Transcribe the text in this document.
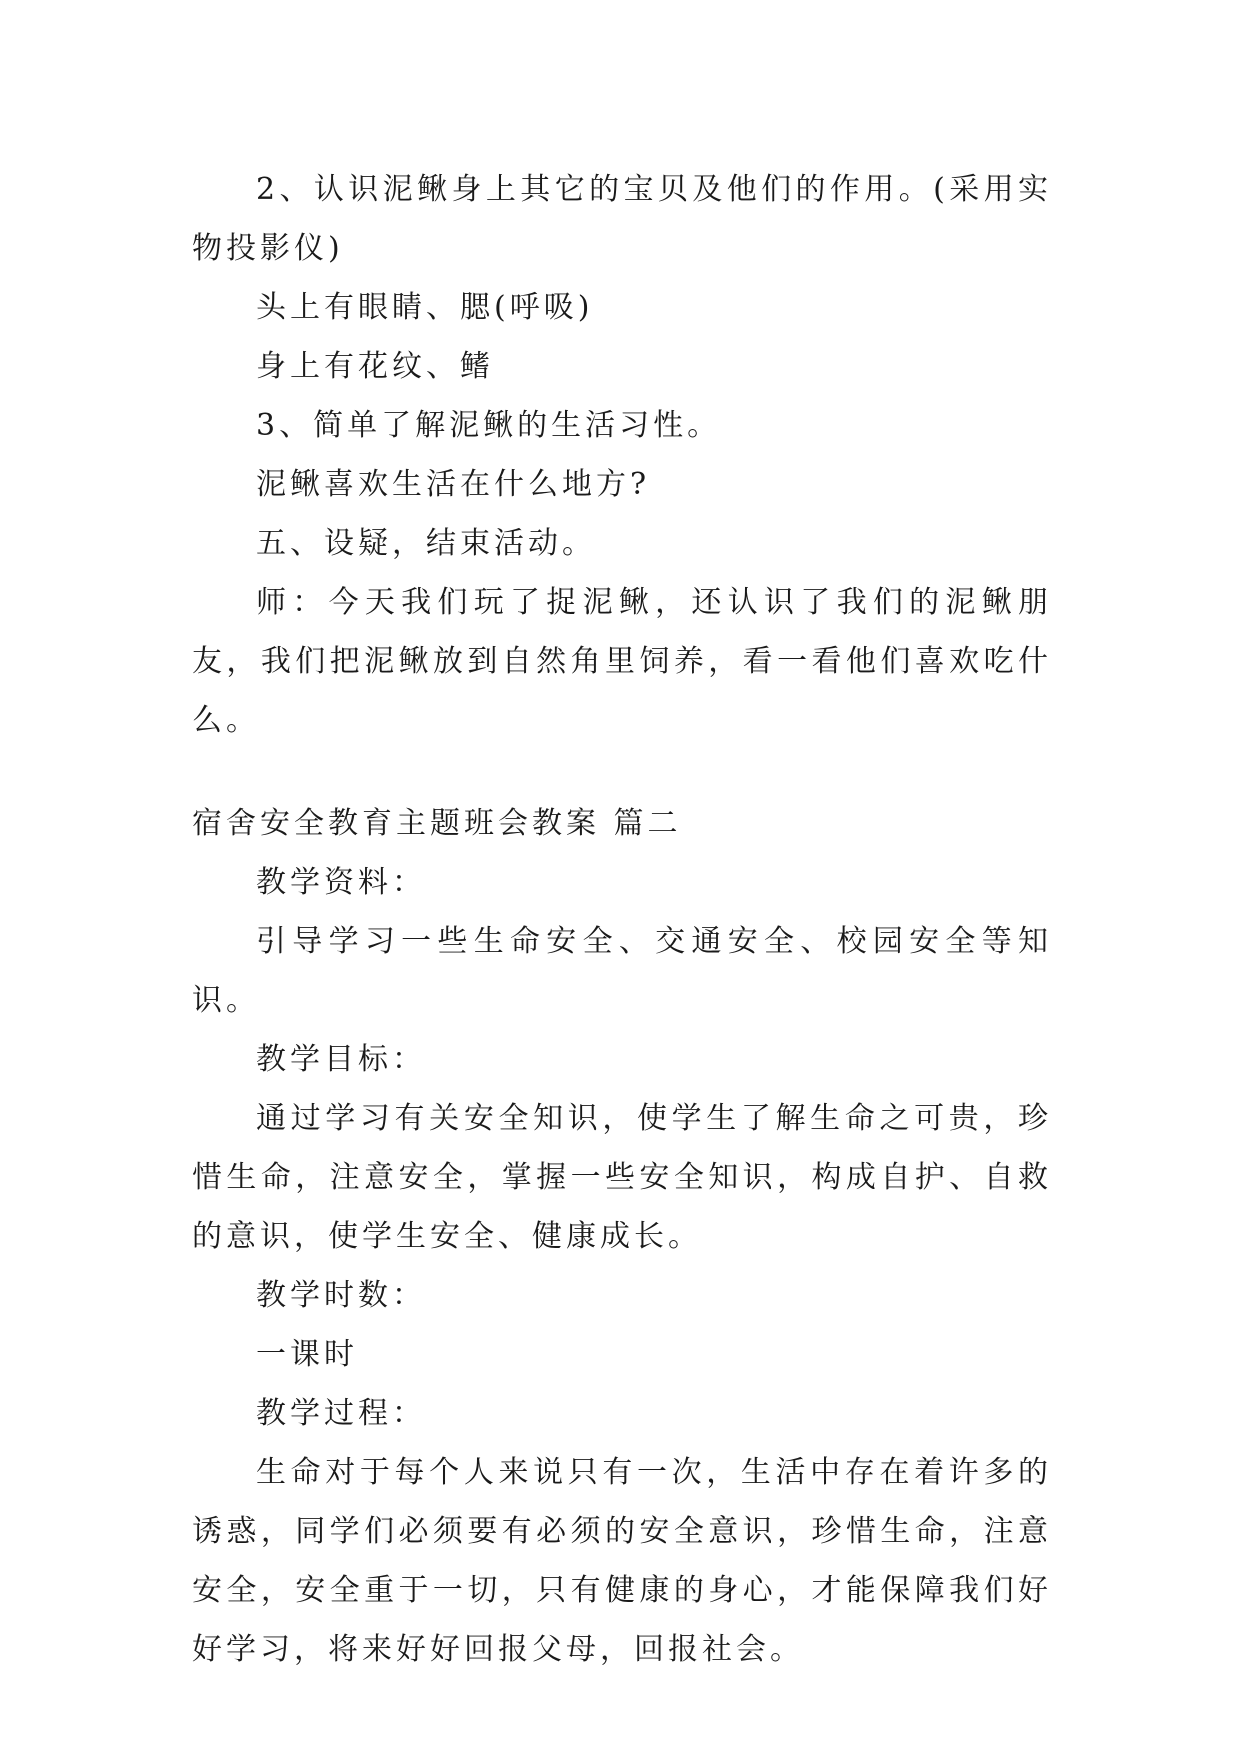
2、认识泥鳅身上其它的宝贝及他们的作用。(采用实物投影仪)

头上有眼睛、腮(呼吸)

身上有花纹、鳍

3、简单了解泥鳅的生活习性。

泥鳅喜欢生活在什么地方?

五、设疑，结束活动。

师：今天我们玩了捉泥鳅，还认识了我们的泥鳅朋友，我们把泥鳅放到自然角里饲养，看一看他们喜欢吃什么。

宿舍安全教育主题班会教案 篇二

教学资料：

引导学习一些生命安全、交通安全、校园安全等知识。

教学目标：

通过学习有关安全知识，使学生了解生命之可贵，珍惜生命，注意安全，掌握一些安全知识，构成自护、自救的意识，使学生安全、健康成长。

教学时数：

一课时

教学过程：

生命对于每个人来说只有一次，生活中存在着许多的诱惑，同学们必须要有必须的安全意识，珍惜生命，注意安全，安全重于一切，只有健康的身心，才能保障我们好好学习，将来好好回报父母，回报社会。
